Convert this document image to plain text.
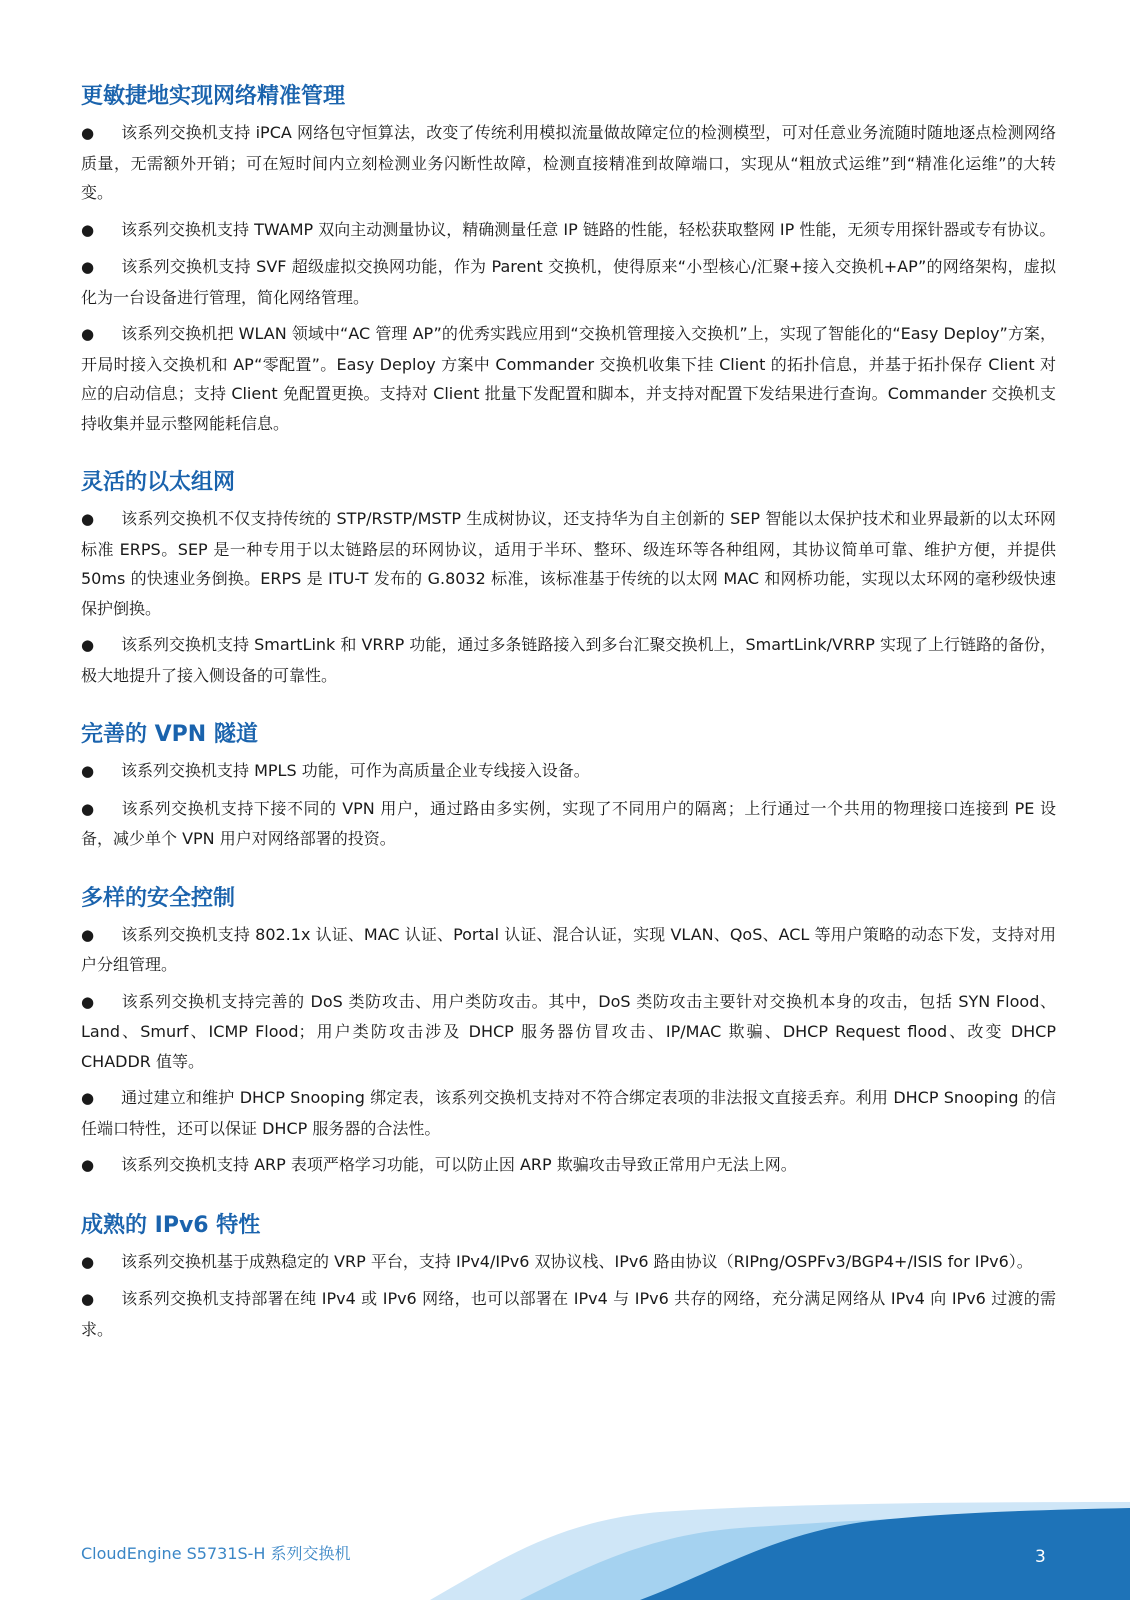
更敏捷地实现网络精准管理
● 该系列交换机支持 iPCA 网络包守恒算法，改变了传统利用模拟流量做故障定位的检测模型，可对任意业务流随时随地逐点检测网络质量，无需额外开销；可在短时间内立刻检测业务闪断性故障，检测直接精准到故障端口，实现从“粗放式运维”到“精准化运维”的大转变。
● 该系列交换机支持 TWAMP 双向主动测量协议，精确测量任意 IP 链路的性能，轻松获取整网 IP 性能，无须专用探针器或专有协议。
● 该系列交换机支持 SVF 超级虚拟交换网功能，作为 Parent 交换机，使得原来“小型核心/汇聚+接入交换机+AP”的网络架构，虚拟化为一台设备进行管理，简化网络管理。
● 该系列交换机把 WLAN 领域中“AC 管理 AP”的优秀实践应用到“交换机管理接入交换机”上，实现了智能化的“Easy Deploy”方案，开局时接入交换机和 AP“零配置”。Easy Deploy 方案中 Commander 交换机收集下挂 Client 的拓扑信息，并基于拓扑保存 Client 对应的启动信息；支持 Client 免配置更换。支持对 Client 批量下发配置和脚本，并支持对配置下发结果进行查询。Commander 交换机支持收集并显示整网能耗信息。
灵活的以太组网
● 该系列交换机不仅支持传统的 STP/RSTP/MSTP 生成树协议，还支持华为自主创新的 SEP 智能以太保护技术和业界最新的以太环网标准 ERPS。SEP 是一种专用于以太链路层的环网协议，适用于半环、整环、级连环等各种组网，其协议简单可靠、维护方便，并提供 50ms 的快速业务倒换。ERPS 是 ITU-T 发布的 G.8032 标准，该标准基于传统的以太网 MAC 和网桥功能，实现以太环网的毫秒级快速保护倒换。
● 该系列交换机支持 SmartLink 和 VRRP 功能，通过多条链路接入到多台汇聚交换机上，SmartLink/VRRP 实现了上行链路的备份，极大地提升了接入侧设备的可靠性。
完善的 VPN 隧道
● 该系列交换机支持 MPLS 功能，可作为高质量企业专线接入设备。
● 该系列交换机支持下接不同的 VPN 用户，通过路由多实例，实现了不同用户的隔离；上行通过一个共用的物理接口连接到 PE 设备，减少单个 VPN 用户对网络部署的投资。
多样的安全控制
● 该系列交换机支持 802.1x 认证、MAC 认证、Portal 认证、混合认证，实现 VLAN、QoS、ACL 等用户策略的动态下发，支持对用户分组管理。
● 该系列交换机支持完善的 DoS 类防攻击、用户类防攻击。其中，DoS 类防攻击主要针对交换机本身的攻击，包括 SYN Flood、Land、Smurf、ICMP Flood；用户类防攻击涉及 DHCP 服务器仿冒攻击、IP/MAC 欺骗、DHCP Request flood、改变 DHCP CHADDR 值等。
● 通过建立和维护 DHCP Snooping 绑定表，该系列交换机支持对不符合绑定表项的非法报文直接丢弃。利用 DHCP Snooping 的信任端口特性，还可以保证 DHCP 服务器的合法性。
● 该系列交换机支持 ARP 表项严格学习功能，可以防止因 ARP 欺骗攻击导致正常用户无法上网。
成熟的 IPv6 特性
● 该系列交换机基于成熟稳定的 VRP 平台，支持 IPv4/IPv6 双协议栈、IPv6 路由协议（RIPng/OSPFv3/BGP4+/ISIS for IPv6）。
● 该系列交换机支持部署在纯 IPv4 或 IPv6 网络，也可以部署在 IPv4 与 IPv6 共存的网络，充分满足网络从 IPv4 向 IPv6 过渡的需求。
CloudEngine S5731S-H 系列交换机	3
